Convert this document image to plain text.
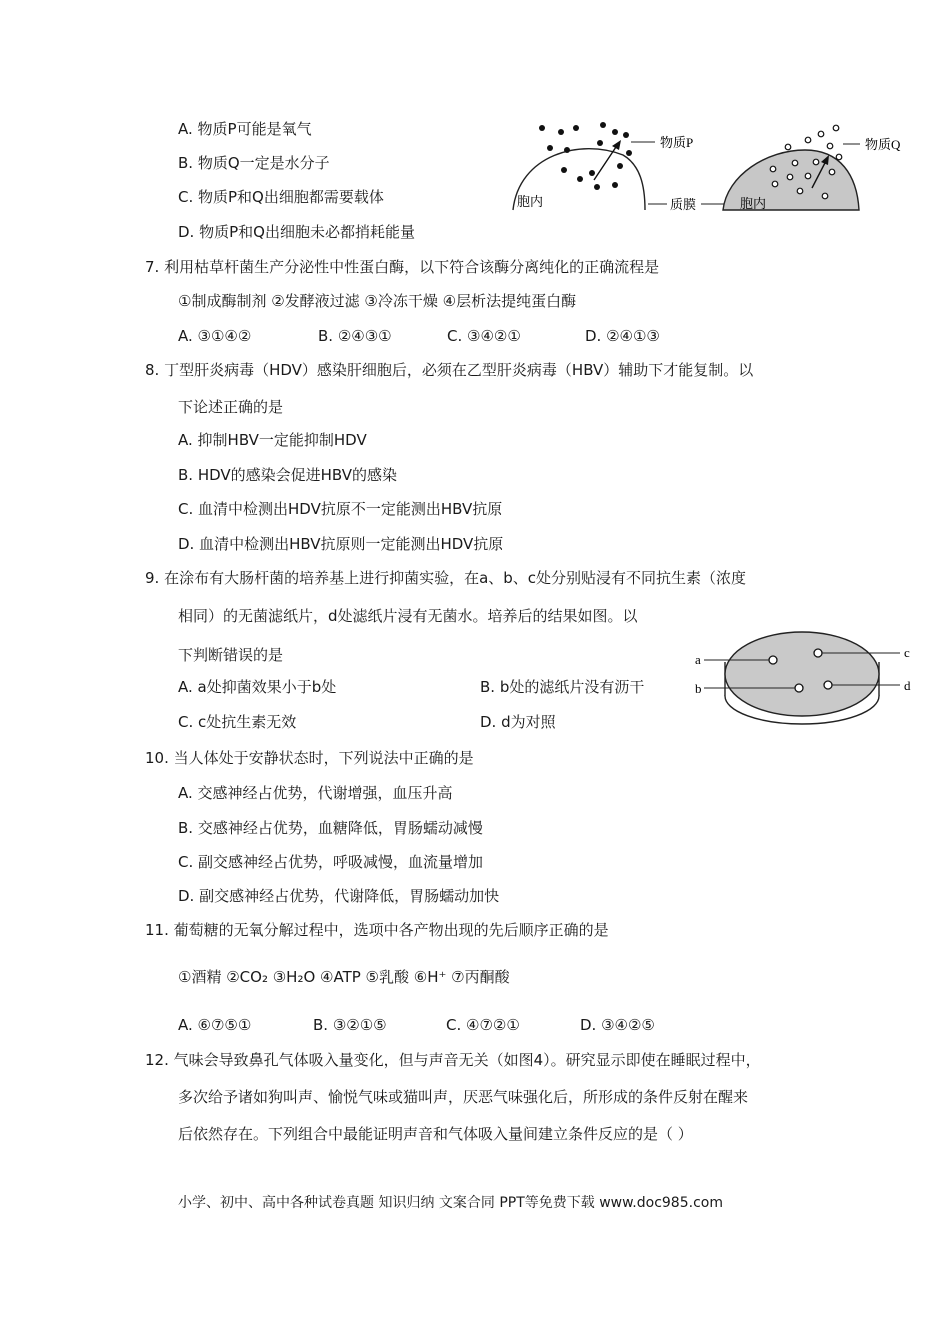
A. 物质P可能是氧气
B. 物质Q一定是水分子
C. 物质P和Q出细胞都需要载体
D. 物质P和Q出细胞未必都捎耗能量
物质P
胞内	质膜	胞内
物质Q
7. 利用枯草杆菌生产分泌性中性蛋白酶，以下符合该酶分离纯化的正确流程是
①制成酶制剂 ②发酵液过滤 ③冷冻干燥 ④层析法提纯蛋白酶
A. ③①④②	B. ②④③①	C. ③④②①	D. ②④①③
8. 丁型肝炎病毒（HDV）感染肝细胞后，必须在乙型肝炎病毒（HBV）辅助下才能复制。以
下论述正确的是
A. 抑制HBV一定能抑制HDV
B. HDV的感染会促进HBV的感染
C. 血清中检测出HDV抗原不一定能测出HBV抗原
D. 血清中检测出HBV抗原则一定能测出HDV抗原
9. 在涂布有大肠杆菌的培养基上进行抑菌实验，在a、b、c处分别贴浸有不同抗生素（浓度
相同）的无菌滤纸片，d处滤纸片浸有无菌水。培养后的结果如图。以
下判断错误的是
A. a处抑菌效果小于b处	B. b处的滤纸片没有沥干
C. c处抗生素无效	D. d为对照
a
b
c
d
10. 当人体处于安静状态时，下列说法中正确的是
A. 交感神经占优势，代谢增强，血压升高
B. 交感神经占优势，血糖降低，胃肠蠕动减慢
C. 副交感神经占优势，呼吸减慢，血流量增加
D. 副交感神经占优势，代谢降低，胃肠蠕动加快
11. 葡萄糖的无氧分解过程中，选项中各产物出现的先后顺序正确的是
①酒精 ②CO₂ ③H₂O ④ATP ⑤乳酸 ⑥H⁺ ⑦丙酮酸
A. ⑥⑦⑤①	B. ③②①⑤	C. ④⑦②①	D. ③④②⑤
12. 气味会导致鼻孔气体吸入量变化，但与声音无关（如图4）。研究显示即使在睡眠过程中，
多次给予诸如狗叫声、愉悦气味或猫叫声，厌恶气味强化后，所形成的条件反射在醒来
后依然存在。下列组合中最能证明声音和气体吸入量间建立条件反应的是（ ）
小学、初中、高中各种试卷真题 知识归纳 文案合同 PPT等免费下载 www.doc985.com
